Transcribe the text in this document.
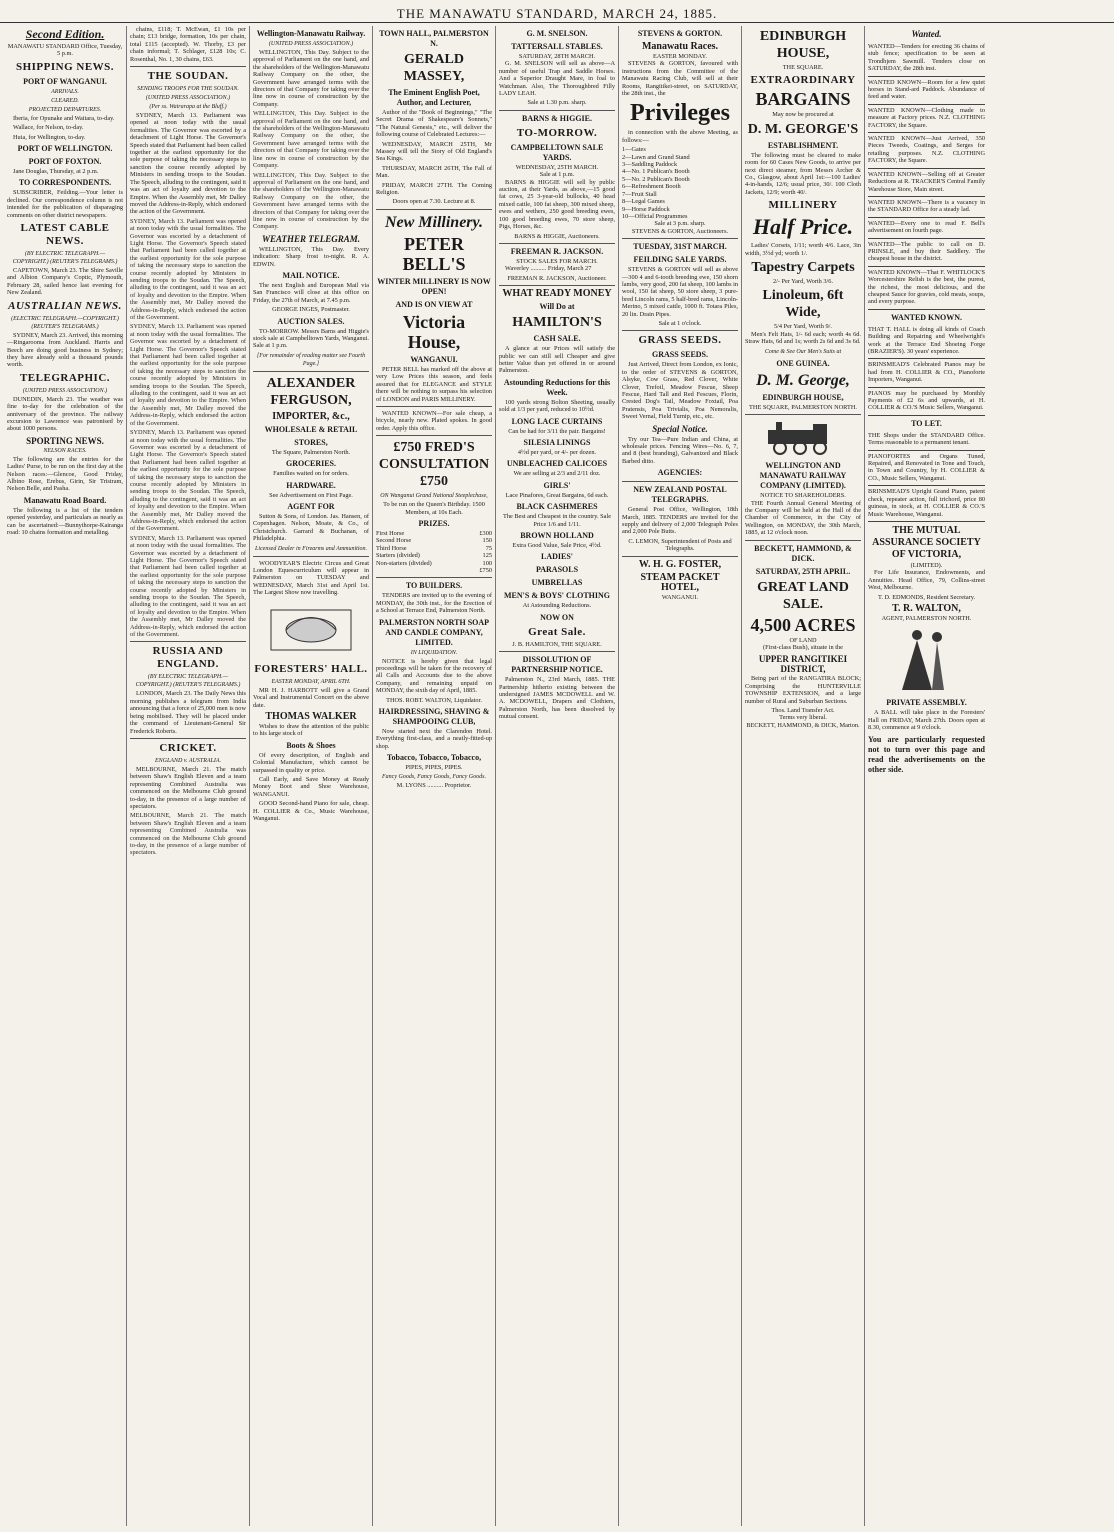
THE MANAWATU STANDARD, MARCH 24, 1885.
Second Edition.
MANAWATU STANDARD Office, Tuesday, 5 p.m.
SHIPPING NEWS.
PORT OF WANGANUI.
ARRIVALS.
CLEARED.
PROJECTED DEPARTURES.

Iberia, for Opunake and Waitara, to-day.

Wallace, for Nelson, to-day.

Huia, for Wellington, to-day.

PORT OF WELLINGTON.
PORT OF FOXTON.

Jane Douglas, Thursday, at 2 p.m.

TO CORRESPONDENTS.

SUBSCRIBER, Feilding.—Your letter is declined. Our correspondence column is not intended for the publication of disparaging comments on other district newspapers.

LATEST CABLE NEWS.
(BY ELECTRIC TELEGRAPH.—COPYRIGHT.) (REUTER'S TELEGRAMS.)

CAPETOWN, March 23. The Shire Saville and Albion Company's Coptic, Plymouth, February 28, sailed hence last evening for New Zealand.

AUSTRALIAN NEWS.
(ELECTRIC TELEGRAPH.—COPYRIGHT.) (REUTER'S TELEGRAMS.)

SYDNEY, March 23. Arrived, this morning—Ringarooma from Auckland. Harris and Beech are doing good business in Sydney; they have already sold a thousand pounds worth.

TELEGRAPHIC.
(UNITED PRESS ASSOCIATION.)

DUNEDIN, March 23. The weather was fine to-day for the celebration of the anniversary of the province. The railway excursion to Lawrence was patronised by about 1000 persons.

SPORTING NEWS.
NELSON RACES.

The following are the entries for the Ladies' Purse, to be run on the first day at the Nelson races:—Glencoe, Good Friday, Albino Rose, Erebus, Girin, Sir Tristram, Nelson Belle, and Pasha.

Manawatu Road Board.

The following is a list of the tenders opened yesterday, and particulars as nearly as can be ascertained:—Bunnythorpe-Kairanga road: 10 chains formation and metalling.

chains, £118; T. McEwan, £1 10s per chain; £13 bridge, formation, 10s per chain, total £115 (accepted). W. Thorby, £3 per chain informal; T. Schlager, £128 10s; C. Rosenthal, No. 1, 30 chains, £63.

THE SOUDAN.
SENDING TROOPS FOR THE SOUDAN.
(UNITED PRESS ASSOCIATION.)
(Per ss. Wairarapa at the Bluff.)

SYDNEY, March 13. Parliament was opened at noon today with the usual formalities. The Governor was escorted by a detachment of Light Horse. The Governor's Speech stated that Parliament had been called together at the earliest opportunity for the sole purpose of taking the necessary steps to sanction the course recently adopted by Ministers in sending troops to the Soudan. The Speech, alluding to the contingent, said it was an act of loyalty and devotion to the Empire. When the Assembly met, Mr Dalley moved the Address-in-Reply, which endorsed the action of the Government.

SYDNEY, March 13. Parliament was opened at noon today with the usual formalities. The Governor was escorted by a detachment of Light Horse. The Governor's Speech stated that Parliament had been called together at the earliest opportunity for the sole purpose of taking the necessary steps to sanction the course recently adopted by Ministers in sending troops to the Soudan. The Speech, alluding to the contingent, said it was an act of loyalty and devotion to the Empire. When the Assembly met, Mr Dalley moved the Address-in-Reply, which endorsed the action of the Government.

SYDNEY, March 13. Parliament was opened at noon today with the usual formalities. The Governor was escorted by a detachment of Light Horse. The Governor's Speech stated that Parliament had been called together at the earliest opportunity for the sole purpose of taking the necessary steps to sanction the course recently adopted by Ministers in sending troops to the Soudan. The Speech, alluding to the contingent, said it was an act of loyalty and devotion to the Empire. When the Assembly met, Mr Dalley moved the Address-in-Reply, which endorsed the action of the Government.

SYDNEY, March 13. Parliament was opened at noon today with the usual formalities. The Governor was escorted by a detachment of Light Horse. The Governor's Speech stated that Parliament had been called together at the earliest opportunity for the sole purpose of taking the necessary steps to sanction the course recently adopted by Ministers in sending troops to the Soudan. The Speech, alluding to the contingent, said it was an act of loyalty and devotion to the Empire. When the Assembly met, Mr Dalley moved the Address-in-Reply, which endorsed the action of the Government.

SYDNEY, March 13. Parliament was opened at noon today with the usual formalities. The Governor was escorted by a detachment of Light Horse. The Governor's Speech stated that Parliament had been called together at the earliest opportunity for the sole purpose of taking the necessary steps to sanction the course recently adopted by Ministers in sending troops to the Soudan. The Speech, alluding to the contingent, said it was an act of loyalty and devotion to the Empire. When the Assembly met, Mr Dalley moved the Address-in-Reply, which endorsed the action of the Government.

RUSSIA AND ENGLAND.
(BY ELECTRIC TELEGRAPH.—COPYRIGHT.) (REUTER'S TELEGRAMS.)

LONDON, March 23. The Daily News this morning publishes a telegram from India announcing that a force of 25,000 men is now being mobilised. They will be placed under the command of Lieutenant-General Sir Frederick Roberts.

CRICKET.
ENGLAND v. AUSTRALIA.

MELBOURNE, March 21. The match between Shaw's English Eleven and a team representing Combined Australia was commenced on the Melbourne Club ground to-day, in the presence of a large number of spectators.

MELBOURNE, March 21. The match between Shaw's English Eleven and a team representing Combined Australia was commenced on the Melbourne Club ground to-day, in the presence of a large number of spectators.

Wellington-Manawatu Railway.
(UNITED PRESS ASSOCIATION.)

WELLINGTON, This Day. Subject to the approval of Parliament on the one hand, and the shareholders of the Wellington-Manawatu Railway Company on the other, the Government have arranged terms with the directors of that Company for taking over the line now in course of construction by the Company.

WELLINGTON, This Day. Subject to the approval of Parliament on the one hand, and the shareholders of the Wellington-Manawatu Railway Company on the other, the Government have arranged terms with the directors of that Company for taking over the line now in course of construction by the Company.

WELLINGTON, This Day. Subject to the approval of Parliament on the one hand, and the shareholders of the Wellington-Manawatu Railway Company on the other, the Government have arranged terms with the directors of that Company for taking over the line now in course of construction by the Company.

WEATHER TELEGRAM.

WELLINGTON, This Day. Every indication: Sharp frost to-night. R. A. EDWIN.

MAIL NOTICE.

The next English and European Mail via San Francisco will close at this office on Friday, the 27th of March, at 7.45 p.m.

GEORGE INGES, Postmaster.
AUCTION SALES.

TO-MORROW. Messrs Barns and Higgie's stock sale at Campbelltown Yards, Wanganui. Sale at 1 p.m.

[For remainder of reading matter see Fourth Page.]
ALEXANDER FERGUSON,
IMPORTER, &c.,
WHOLESALE & RETAIL
STORES,
The Square, Palmerston North.
GROCERIES.
Families waited on for orders.
HARDWARE.
See Advertisement on First Page.
AGENT FOR

Sutton & Sons, of London. Jas. Hansen, of Copenhagen. Nelson, Moate, & Co., of Christchurch. Garrard & Buchanan, of Philadelphia.

Licensed Dealer in Firearms and Ammunition.

WOODYEAR'S Electric Circus and Great London Equescurriculum will appear in Palmerston on TUESDAY and WEDNESDAY, March 31st and April 1st. The Largest Show now travelling.

FORESTERS' HALL.
EASTER MONDAY, APRIL 6TH.

MR H. J. HARBOTT will give a Grand Vocal and Instrumental Concert on the above date.

THOMAS WALKER

Wishes to draw the attention of the public to his large stock of

Boots & Shoes

Of every description, of English and Colonial Manufacture, which cannot be surpassed in quality or price.

Call Early, and Save Money at Ready Money Boot and Shoe Warehouse, WANGANUI.

GOOD Second-hand Piano for sale, cheap. H. COLLIER & Co., Music Warehouse, Wanganui.

TOWN HALL, PALMERSTON N.
GERALD MASSEY,
The Eminent English Poet, Author, and Lecturer,

Author of the "Book of Beginnings," "The Secret Drama of Shakespeare's Sonnets," "The Natural Genesis," etc., will deliver the following course of Celebrated Lectures:—

WEDNESDAY, MARCH 25TH, Mr Massey will tell the Story of Old England's Sea Kings.

THURSDAY, MARCH 26TH, The Fall of Man.

FRIDAY, MARCH 27TH. The Coming Religion.

Doors open at 7.30. Lecture at 8.
New Millinery.
PETER BELL'S
WINTER MILLINERY IS NOW OPEN!
AND IS ON VIEW AT
Victoria House,
WANGANUI.

PETER BELL has marked off the above at very Low Prices this season, and feels assured that for ELEGANCE and STYLE there will be nothing to surpass his selection of LONDON and PARIS MILLINERY.

WANTED KNOWN—For sale cheap, a bicycle, nearly new. Plated spokes. In good order. Apply this office.

£750 FRED'S CONSULTATION £750
ON Wanganui Grand National Steeplechase,
To be run on the Queen's Birthday. 1500 Members, at 10s Each.
PRIZES.
First Horse	£300
Second Horse	150
Third Horse	75
Starters (divided)	125
Non-starters (divided)	100
	£750
TO BUILDERS.

TENDERS are invited up to the evening of MONDAY, the 30th inst., for the Erection of a School at Terrace End, Palmerston North.

PALMERSTON NORTH SOAP AND CANDLE COMPANY, LIMITED.
IN LIQUIDATION.

NOTICE is hereby given that legal proceedings will be taken for the recovery of all Calls and Accounts due to the above Company, and remaining unpaid on MONDAY, the sixth day of April, 1885.

THOS. ROBT. WALTON, Liquidator.
HAIRDRESSING, SHAVING & SHAMPOOING CLUB,

Now started next the Clarendon Hotel. Everything first-class, and a neatly-fitted-up shop.

Tobacco, Tobacco, Tobacco,
PIPES, PIPES, PIPES.
Fancy Goods, Fancy Goods, Fancy Goods.
M. LYONS .......... Proprietor.
G. M. SNELSON.
TATTERSALL STABLES.
SATURDAY, 28TH MARCH.

G. M. SNELSON will sell as above—A number of useful Trap and Saddle Horses. And a Superior Draught Mare, in foal to Watchman. Also, The Thoroughbred Filly LADY LEAH.

Sale at 1.30 p.m. sharp.
BARNS & HIGGIE.
TO-MORROW.
CAMPBELLTOWN SALE YARDS.
WEDNESDAY, 25TH MARCH.
Sale at 1 p.m.

BARNS & HIGGIE will sell by public auction, at their Yards, as above,—15 good fat cows, 25 3-year-old bullocks, 40 head mixed cattle, 100 fat sheep, 300 mixed sheep, ewes and wethers, 250 good breeding ewes, 100 good breeding ewes, 70 store sheep, Pigs, Horses, &c.

BARNS & HIGGIE, Auctioneers.
FREEMAN R. JACKSON.
STOCK SALES FOR MARCH.

Waverley .......... Friday, March 27

FREEMAN R. JACKSON, Auctioneer.
WHAT READY MONEY
Will Do at
HAMILTON'S
CASH SALE.

A glance at our Prices will satisfy the public we can still sell Cheaper and give better Value than yet offered in or around Palmerston.

Astounding Reductions for this Week.

100 yards strong Bolton Sheeting, usually sold at 1/3 per yard, reduced to 10½d.

LONG LACE CURTAINS
Can be had for 3/11 the pair. Bargains!
SILESIA LININGS
4½d per yard, or 4/- per dozen.
UNBLEACHED CALICOES
We are selling at 2/3 and 2/11 doz.
GIRLS'
Lace Pinafores, Great Bargains, 6d each.
BLACK CASHMERES
The Best and Cheapest in the country. Sale Price 1/6 and 1/11.
BROWN HOLLAND
Extra Good Value, Sale Price, 4½d.
LADIES'
PARASOLS
UMBRELLAS
MEN'S & BOYS' CLOTHING
At Astounding Reductions.
NOW ON
Great Sale.
J. B. HAMILTON, THE SQUARE.
DISSOLUTION OF PARTNERSHIP NOTICE.

Palmerston N., 23rd March, 1885. THE Partnership hitherto existing between the undersigned JAMES MCDOWELL and W. A. MCDOWELL, Drapers and Clothiers, Palmerston North, has been dissolved by mutual consent.

STEVENS & GORTON.
Manawatu Races.
EASTER MONDAY.

STEVENS & GORTON, favoured with instructions from the Committee of the Manawatu Racing Club, will sell at their Rooms, Rangitikei-street, on SATURDAY, the 28th inst., the

Privileges

in connection with the above Meeting, as follows:—

1—Gates
2—Lawn and Grand Stand
3—Saddling Paddock
4—No. 1 Publican's Booth
5—No. 2 Publican's Booth
6—Refreshment Booth
7—Fruit Stall
8—Legal Games
9—Horse Paddock
10—Official Programmes
Sale at 3 p.m. sharp.
STEVENS & GORTON, Auctioneers.
TUESDAY, 31ST MARCH.
FEILDING SALE YARDS.

STEVENS & GORTON will sell as above—300 4 and 6-tooth breeding ewe, 150 shorn lambs, very good, 200 fat sheep, 100 lambs in wool, 150 fat sheep, 50 store sheep, 3 pure-bred Lincoln rams, 5 half-bred rams, Lincoln-Merino, 5 mixed cattle, 1000 ft. Totara Piles, 20 lin. Drain Pipes.

Sale at 1 o'clock.
GRASS SEEDS.
GRASS SEEDS.

Just Arrived, Direct from London, ex Ionic, to the order of STEVENS & GORTON, Alsyke, Cow Grass, Red Clover, White Clover, Trefoil, Meadow Fescue, Sheep Fescue, Hard Tall and Red Fescues, Florin, Crested Dog's Tail, Meadow Foxtail, Poa Pratensis, Poa Trivialis, Poa Nemoralis, Sweet Vernal, Field Turnip, etc., etc.

Special Notice.

Try our Tea—Pure Indian and China, at wholesale prices. Fencing Wires—No. 6, 7, and 8 (best branding), Galvanized and Black Barbed ditto.

AGENCIES:
NEW ZEALAND POSTAL TELEGRAPHS.

General Post Office, Wellington, 18th March, 1885. TENDERS are invited for the supply and delivery of 2,000 Telegraph Poles and 2,000 Pole Butts.

C. LEMON, Superintendent of Posts and Telegraphs.
W. H. G. FOSTER,
STEAM PACKET HOTEL,
WANGANUI.
EDINBURGH HOUSE,
THE SQUARE.
EXTRAORDINARY
BARGAINS
May now be procured at
D. M. GEORGE'S
ESTABLISHMENT.

The following must be cleared to make room for 60 Cases New Goods, to arrive per next direct steamer, from Messrs Archer & Co., Glasgow, about April 1st:—100 Ladies' 4-in-hands, 12/6; usual price, 30/. 100 Cloth Jackets, 12/9; worth 40/.

MILLINERY
Half Price.

Ladies' Corsets, 1/11; worth 4/6. Lace, 3in width, 3½d yd; worth 1/.

Tapestry Carpets
2/- Per Yard, Worth 3/6.
Linoleum, 6ft Wide,
5/4 Per Yard, Worth 9/.

Men's Felt Hats, 1/- 6d each; worth 4s 6d. Straw Hats, 6d and 1s; worth 2s 6d and 3s 6d.

Come & See Our Men's Suits at
ONE GUINEA.
D. M. George,
EDINBURGH HOUSE,
THE SQUARE, PALMERSTON NORTH.
WELLINGTON AND MANAWATU RAILWAY COMPANY (LIMITED).
NOTICE TO SHAREHOLDERS.

THE Fourth Annual General Meeting of the Company will be held at the Hall of the Chamber of Commerce, in the City of Wellington, on MONDAY, the 30th March, 1885, at 12 o'clock noon.

BECKETT, HAMMOND, & DICK.
SATURDAY, 25TH APRIL.
GREAT LAND SALE.
4,500 ACRES
OF LAND
(First-class Bush), situate in the
UPPER RANGITIKEI DISTRICT,

Being part of the RANGATIRA BLOCK; Comprising the HUNTERVILLE TOWNSHIP EXTENSION, and a large number of Rural and Suburban Sections.

Thos. Land Transfer Act.
Terms very liberal.
BECKETT, HAMMOND, & DICK, Marton.
Wanted.
WANTED—Tenders for erecting 36 chains of stub fence; specification to be seen at Trondhjem Sawmill. Tenders close on SATURDAY, the 28th inst.
WANTED KNOWN—Room for a few quiet horses in Stand-ard Paddock. Abundance of feed and water.
WANTED KNOWN—Clothing made to measure at Factory prices. N.Z. CLOTHING FACTORY, the Square.
WANTED KNOWN—Just Arrived, 350 Pieces Tweeds, Coatings, and Serges for retailing purposes. N.Z. CLOTHING FACTORY, the Square.
WANTED KNOWN—Selling off at Greater Reductions at R. TRACKER'S Central Family Warehouse Store, Main street.
WANTED KNOWN—There is a vacancy in the STANDARD Office for a steady lad.
WANTED—Every one to read F. Bell's advertisement on fourth page.
WANTED—The public to call on D. PRINSLE, and buy their Saddlery. The cheapest house in the district.
WANTED KNOWN—That F. WHITLOCK'S Worcestershire Relish is the best, the purest, the richest, the most delicious, and the cheapest Sauce for gravies, cold meats, soups, and every purpose.
WANTED KNOWN.
THAT T. HALL is doing all kinds of Coach Building and Repairing and Wheelwright's work at the Terrace End Shoeing Forge (BRAZIER'S). 30 years' experience.
BRINSMEAD'S Celebrated Pianos may be had from H. COLLIER & CO., Pianoforte Importers, Wanganui.
PIANOS may be purchased by Monthly Payments of £2 6s and upwards, at H. COLLIER & CO.'S Music Sellers, Wanganui.
TO LET.
THE Shops under the STANDARD Office. Terms reasonable to a permanent tenant.
PIANOFORTES and Organs Tuned, Repaired, and Renovated in Tone and Touch, in Town and Country, by H. COLLIER & CO., Music Sellers, Wanganui.
BRINSMEAD'S Upright Grand Piano, patent check, repeater action, full trichord, price 80 guineas, in stock, at H. COLLIER & CO.'S Music Warehouse, Wanganui.
THE MUTUAL ASSURANCE SOCIETY OF VICTORIA,
(LIMITED).

For Life Insurance, Endowments, and Annuities. Head Office, 79, Collins-street West, Melbourne.

T. D. EDMONDS, Resident Secretary.
T. R. WALTON,
AGENT, PALMERSTON NORTH.
PRIVATE ASSEMBLY.

A BALL will take place in the Foresters' Hall on FRIDAY, March 27th. Doors open at 8.30, commence at 9 o'clock.

You are particularly requested not to turn over this page and read the advertisements on the other side.
